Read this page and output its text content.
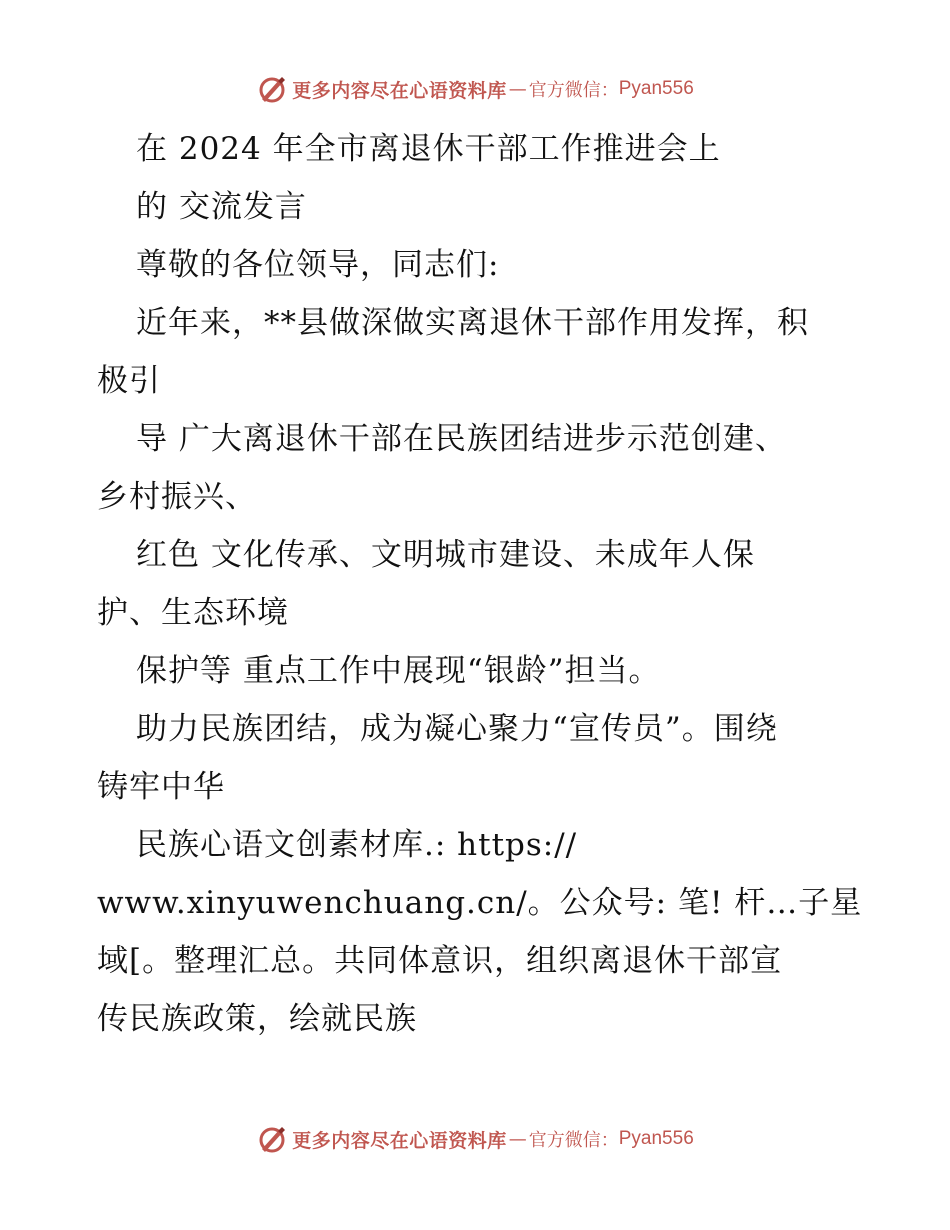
更多内容尽在心语资料库 — 官方微信： Pyan556
在 2024 年全市离退休干部工作推进会上
的 交流发言
尊敬的各位领导，同志们:
近年来，**县做深做实离退休干部作用发挥，积
极引
导 广大离退休干部在民族团结进步示范创建、
乡村振兴、
红色 文化传承、文明城市建设、未成年人保
护、生态环境
保护等 重点工作中展现“银龄”担当。
助力民族团结，成为凝心聚力“宣传员”。围绕
铸牢中华
民族心语文创素材库.: https://
www.xinyuwenchuang.cn/。公众号: 笔! 杆…子星
域[。整理汇总。共同体意识，组织离退休干部宣
传民族政策，绘就民族
更多内容尽在心语资料库 — 官方微信： Pyan556
